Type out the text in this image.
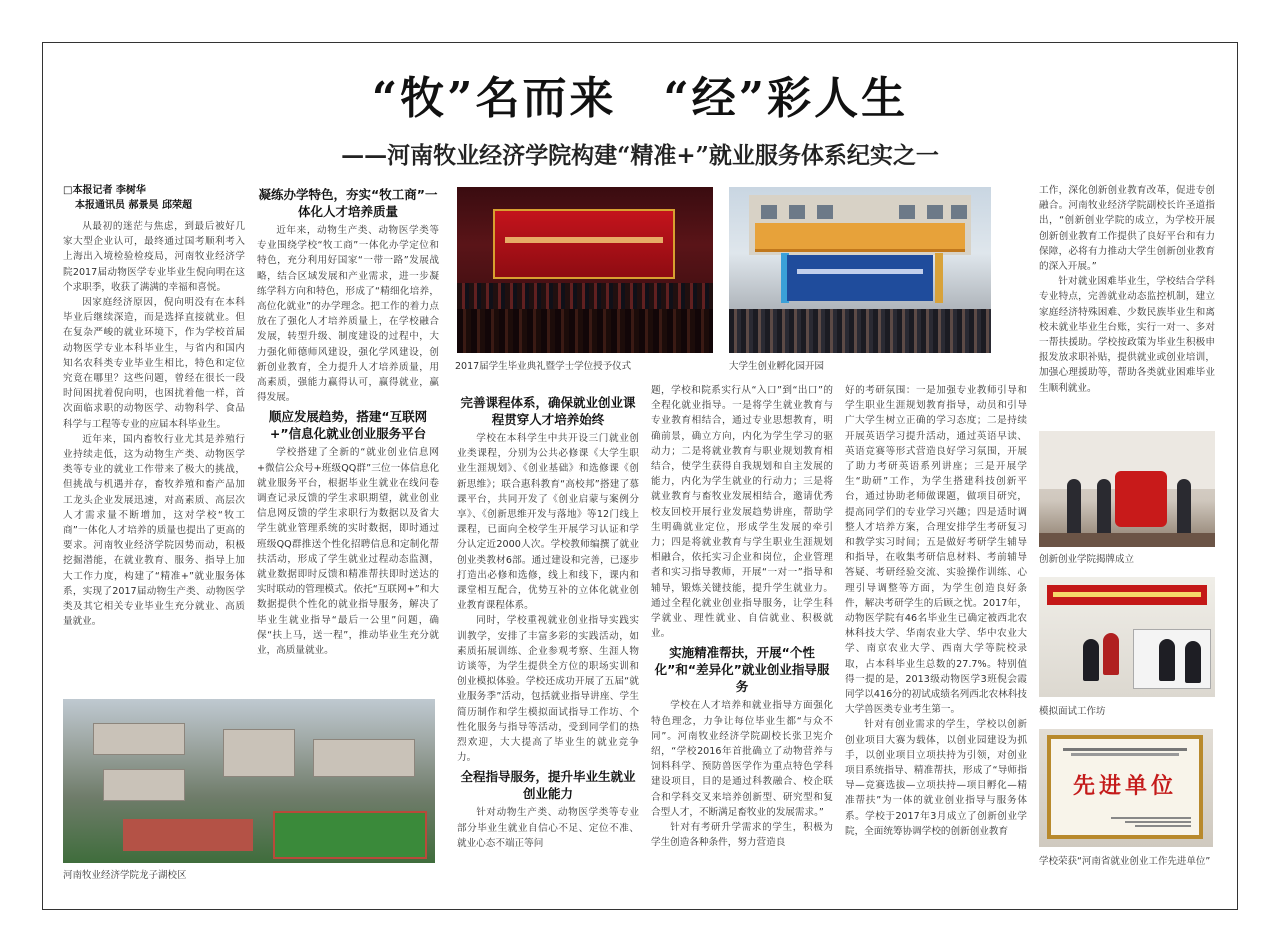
“牧”名而来　“经”彩人生
——河南牧业经济学院构建“精准+”就业服务体系纪实之一
□本报记者 李树华
本报通讯员 郝景昊 邱荣超

从最初的迷茫与焦虑，到最后被好几家大型企业认可，最终通过国考顺利考入上海出入境检验检疫局，河南牧业经济学院2017届动物医学专业毕业生倪向明在这个求职季，收获了满满的幸福和喜悦。

因家庭经济原因，倪向明没有在本科毕业后继续深造，而是选择直接就业。但在复杂严峻的就业环境下，作为学校首届动物医学专业本科毕业生，与省内和国内知名农科类专业毕业生相比，特色和定位究竟在哪里？这些问题，曾经在很长一段时间困扰着倪向明，也困扰着他一样，首次面临求职的动物医学、动物科学、食品科学与工程等专业的应届本科毕业生。

近年来，国内畜牧行业尤其是养殖行业持续走低，这为动物生产类、动物医学类等专业的就业工作带来了极大的挑战，但挑战与机遇并存，畜牧养殖和畜产品加工龙头企业发展迅速，对高素质、高层次人才需求量不断增加，这对学校“牧工商”一体化人才培养的质量也提出了更高的要求。河南牧业经济学院因势而动，积极挖掘潜能，在就业教育、服务、指导上加大工作力度，构建了“精准+”就业服务体系，实现了2017届动物生产类、动物医学类及其它相关专业毕业生充分就业、高质量就业。

凝练办学特色，夯实“牧工商”一体化人才培养质量

近年来，动物生产类、动物医学类等专业围绕学校“牧工商”一体化办学定位和特色，充分利用好国家“一带一路”发展战略，结合区域发展和产业需求，进一步凝练学科方向和特色，形成了“精细化培养，高位化就业”的办学理念。把工作的着力点放在了强化人才培养质量上，在学校融合发展，转型升级、制度建设的过程中，大力强化师德师风建设，强化学风建设，创新创业教育，全力提升人才培养质量，用高素质，强能力赢得认可，赢得就业，赢得发展。

顺应发展趋势，搭建“互联网+”信息化就业创业服务平台

学校搭建了全新的“就业创业信息网+微信公众号+班级QQ群”三位一体信息化就业服务平台，根据毕业生就业在线问卷调查记录反馈的学生求职期望，就业创业信息网反馈的学生求职行为数据以及省大学生就业管理系统的实时数据，即时通过班级QQ群推送个性化招聘信息和定制化帮扶活动，形成了学生就业过程动态监测，就业数据即时反馈和精准帮扶即时送达的实时联动的管理模式。依托“互联网+”和大数据提供个性化的就业指导服务，解决了毕业生就业指导“最后一公里”问题，确保“扶上马，送一程”，推动毕业生充分就业，高质量就业。

2017届学生毕业典礼暨学士学位授予仪式	大学生创业孵化园开园
完善课程体系，确保就业创业课程贯穿人才培养始终

学校在本科学生中共开设三门就业创业类课程，分别为公共必修课《大学生职业生涯规划》、《创业基础》和选修课《创新思维》；联合惠科教育“高校邦”搭建了慕课平台，共同开发了《创业启蒙与案例分享》、《创新思维开发与落地》等12门线上课程，已面向全校学生开展学习认证和学分认定近2000人次。学校教师编撰了就业创业类教材6部。通过建设和完善，已逐步打造出必修和选修，线上和线下，课内和课堂相互配合，优势互补的立体化就业创业教育课程体系。

同时，学校重视就业创业指导实践实训教学，安排了丰富多彩的实践活动，如素质拓展训练、企业参观考察、生涯人物访谈等，为学生提供全方位的职场实训和创业模拟体验。学校还成功开展了五届“就业服务季”活动，包括就业指导讲座、学生简历制作和学生模拟面试指导工作坊、个性化服务与指导等活动，受到同学们的热烈欢迎，大大提高了毕业生的就业竞争力。

全程指导服务，提升毕业生就业创业能力

针对动物生产类、动物医学类等专业部分毕业生就业自信心不足、定位不准、就业心态不端正等问

题，学校和院系实行从“入口”到“出口”的全程化就业指导。一是将学生就业教育与专业教育相结合，通过专业思想教育，明确前景，确立方向，内化为学生学习的驱动力；二是将就业教育与职业规划教育相结合，使学生获得自我规划和自主发展的能力，内化为学生就业的行动力；三是将就业教育与畜牧业发展相结合，邀请优秀校友回校开展行业发展趋势讲座，帮助学生明确就业定位，形成学生发展的牵引力；四是将就业教育与学生职业生涯规划相融合，依托实习企业和岗位，企业管理者和实习指导教师，开展“一对一”指导和辅导，锻炼关键技能，提升学生就业力。通过全程化就业创业指导服务，让学生科学就业、理性就业、自信就业、积极就业。

实施精准帮扶，开展“个性化”和“差异化”就业创业指导服务

学校在人才培养和就业指导方面强化特色理念，力争让每位毕业生都“与众不同”。河南牧业经济学院副校长张卫宪介绍，“学校2016年首批确立了动物营养与饲料科学、预防兽医学作为重点特色学科建设项目，目的是通过科教融合、校企联合和学科交叉来培养创新型、研究型和复合型人才，不断满足畜牧业的发展需求。”

针对有考研升学需求的学生，积极为学生创造各种条件，努力营造良

好的考研氛围：一是加强专业教师引导和学生职业生涯规划教育指导，动员和引导广大学生树立正确的学习态度；二是持续开展英语学习提升活动，通过英语早读、英语竞赛等形式营造良好学习氛围，开展了助力考研英语系列讲座；三是开展学生“助研”工作，为学生搭建科技创新平台，通过协助老师做课题，做项目研究，提高同学们的专业学习兴趣；四是适时调整人才培养方案，合理安排学生考研复习和教学实习时间；五是做好考研学生辅导和指导，在收集考研信息材料、考前辅导答疑、考研经验交流、实验操作训练、心理引导调整等方面，为学生创造良好条件，解决考研学生的后顾之忧。2017年，动物医学院有46名毕业生已确定被西北农林科技大学、华南农业大学、华中农业大学、南京农业大学、西南大学等院校录取，占本科毕业生总数的27.7%。特别值得一提的是，2013级动物医学3班倪会霞同学以416分的初试成绩名列西北农林科技大学兽医类专业考生第一。

针对有创业需求的学生，学校以创新创业项目大赛为载体，以创业园建设为抓手，以创业项目立项扶持为引领，对创业项目系统指导、精准帮扶，形成了“导师指导—竞赛选拔—立项扶持—项目孵化—精准帮扶”为一体的就业创业指导与服务体系。学校于2017年3月成立了创新创业学院，全面统筹协调学校的创新创业教育

工作，深化创新创业教育改革，促进专创融合。河南牧业经济学院副校长许圣道指出，“创新创业学院的成立，为学校开展创新创业教育工作提供了良好平台和有力保障，必将有力推动大学生创新创业教育的深入开展。”

针对就业困难毕业生，学校结合学科专业特点，完善就业动态监控机制，建立家庭经济特殊困难、少数民族毕业生和离校未就业毕业生台账，实行一对一、多对一帮扶援助。学校按政策为毕业生积极申报发放求职补贴，提供就业或创业培训，加强心理援助等，帮助各类就业困难毕业生顺利就业。

河南牧业经济学院龙子湖校区
创新创业学院揭牌成立
模拟面试工作坊
先进单位
学校荣获“河南省就业创业工作先进单位”
